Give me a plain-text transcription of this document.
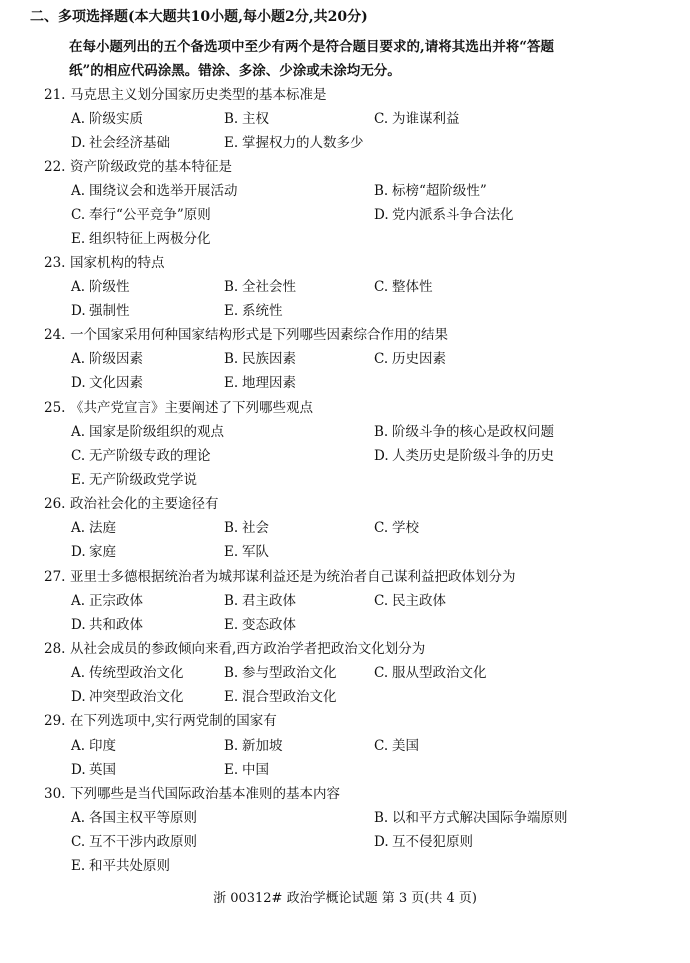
二、多项选择题(本大题共10小题,每小题2分,共20分)
在每小题列出的五个备选项中至少有两个是符合题目要求的,请将其选出并将“答题
纸”的相应代码涂黑。错涂、多涂、少涂或未涂均无分。
21. 马克思主义划分国家历史类型的基本标准是
A. 阶级实质	B. 主权	C. 为谁谋利益
D. 社会经济基础	E. 掌握权力的人数多少
22. 资产阶级政党的基本特征是
A. 围绕议会和选举开展活动	B. 标榜“超阶级性”
C. 奉行“公平竞争”原则	D. 党内派系斗争合法化
E. 组织特征上两极分化
23. 国家机构的特点
A. 阶级性	B. 全社会性	C. 整体性
D. 强制性	E. 系统性
24. 一个国家采用何种国家结构形式是下列哪些因素综合作用的结果
A. 阶级因素	B. 民族因素	C. 历史因素
D. 文化因素	E. 地理因素
25. 《共产党宣言》主要阐述了下列哪些观点
A. 国家是阶级组织的观点	B. 阶级斗争的核心是政权问题
C. 无产阶级专政的理论	D. 人类历史是阶级斗争的历史
E. 无产阶级政党学说
26. 政治社会化的主要途径有
A. 法庭	B. 社会	C. 学校
D. 家庭	E. 军队
27. 亚里士多德根据统治者为城邦谋利益还是为统治者自己谋利益把政体划分为
A. 正宗政体	B. 君主政体	C. 民主政体
D. 共和政体	E. 变态政体
28. 从社会成员的参政倾向来看,西方政治学者把政治文化划分为
A. 传统型政治文化	B. 参与型政治文化	C. 服从型政治文化
D. 冲突型政治文化	E. 混合型政治文化
29. 在下列选项中,实行两党制的国家有
A. 印度	B. 新加坡	C. 美国
D. 英国	E. 中国
30. 下列哪些是当代国际政治基本准则的基本内容
A. 各国主权平等原则	B. 以和平方式解决国际争端原则
C. 互不干涉内政原则	D. 互不侵犯原则
E. 和平共处原则
浙 00312# 政治学概论试题 第 3 页(共 4 页)
